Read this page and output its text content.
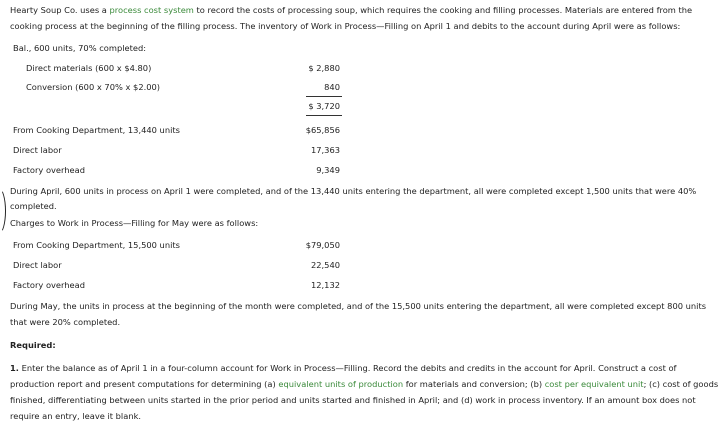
Hearty Soup Co. uses a process cost system to record the costs of processing soup, which requires the cooking and filling processes. Materials are entered from the
cooking process at the beginning of the filling process. The inventory of Work in Process—Filling on April 1 and debits to the account during April were as follows:
Bal., 600 units, 70% completed:
Direct materials (600 x $4.80)	$ 2,880
Conversion (600 x 70% x $2.00)	840
$ 3,720
From Cooking Department, 13,440 units	$65,856
Direct labor	17,363
Factory overhead	9,349
During April, 600 units in process on April 1 were completed, and of the 13,440 units entering the department, all were completed except 1,500 units that were 40%
completed.
Charges to Work in Process—Filling for May were as follows:
From Cooking Department, 15,500 units	$79,050
Direct labor	22,540
Factory overhead	12,132
During May, the units in process at the beginning of the month were completed, and of the 15,500 units entering the department, all were completed except 800 units
that were 20% completed.
Required:
1. Enter the balance as of April 1 in a four-column account for Work in Process—Filling. Record the debits and credits in the account for April. Construct a cost of
production report and present computations for determining (a) equivalent units of production for materials and conversion; (b) cost per equivalent unit; (c) cost of goods
finished, differentiating between units started in the prior period and units started and finished in April; and (d) work in process inventory. If an amount box does not
require an entry, leave it blank.
